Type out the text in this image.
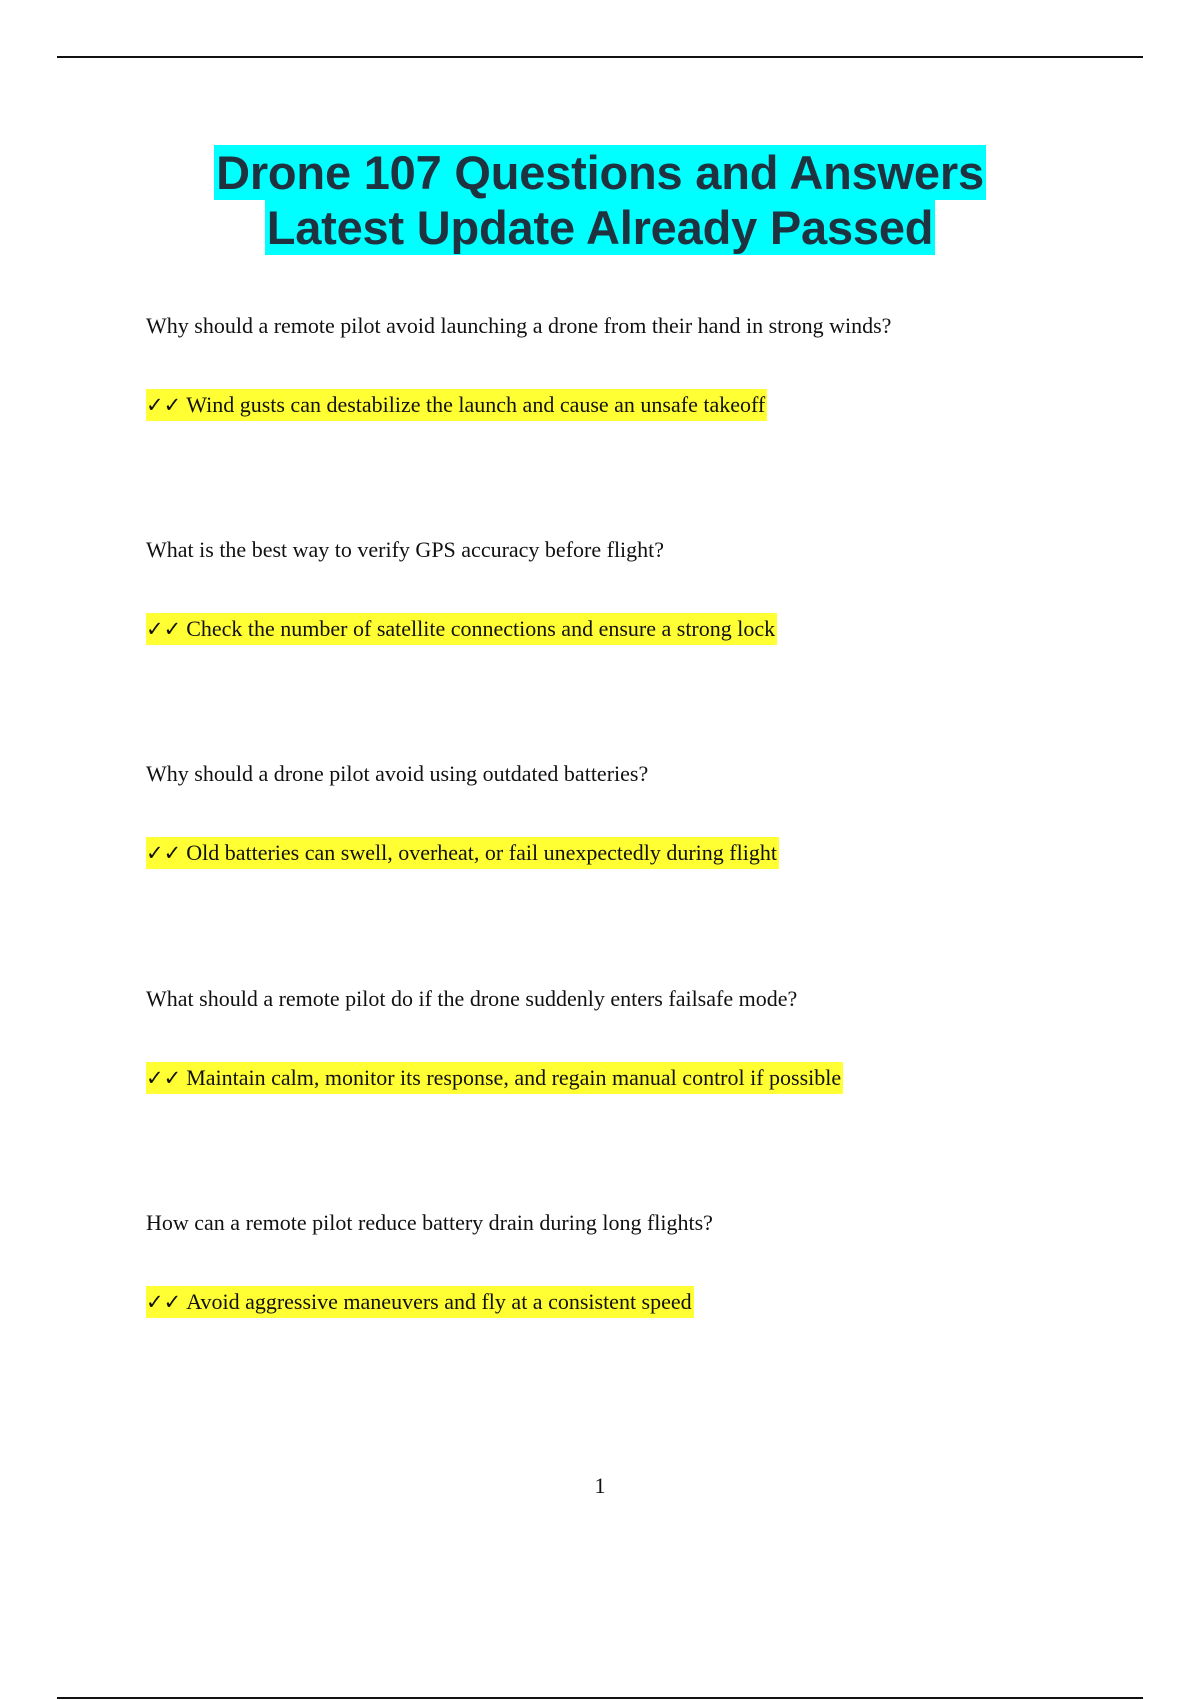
Drone 107 Questions and Answers
Latest Update Already Passed

Why should a remote pilot avoid launching a drone from their hand in strong winds?

✓✓ Wind gusts can destabilize the launch and cause an unsafe takeoff

What is the best way to verify GPS accuracy before flight?

✓✓ Check the number of satellite connections and ensure a strong lock

Why should a drone pilot avoid using outdated batteries?

✓✓ Old batteries can swell, overheat, or fail unexpectedly during flight

What should a remote pilot do if the drone suddenly enters failsafe mode?

✓✓ Maintain calm, monitor its response, and regain manual control if possible

How can a remote pilot reduce battery drain during long flights?

✓✓ Avoid aggressive maneuvers and fly at a consistent speed

1
